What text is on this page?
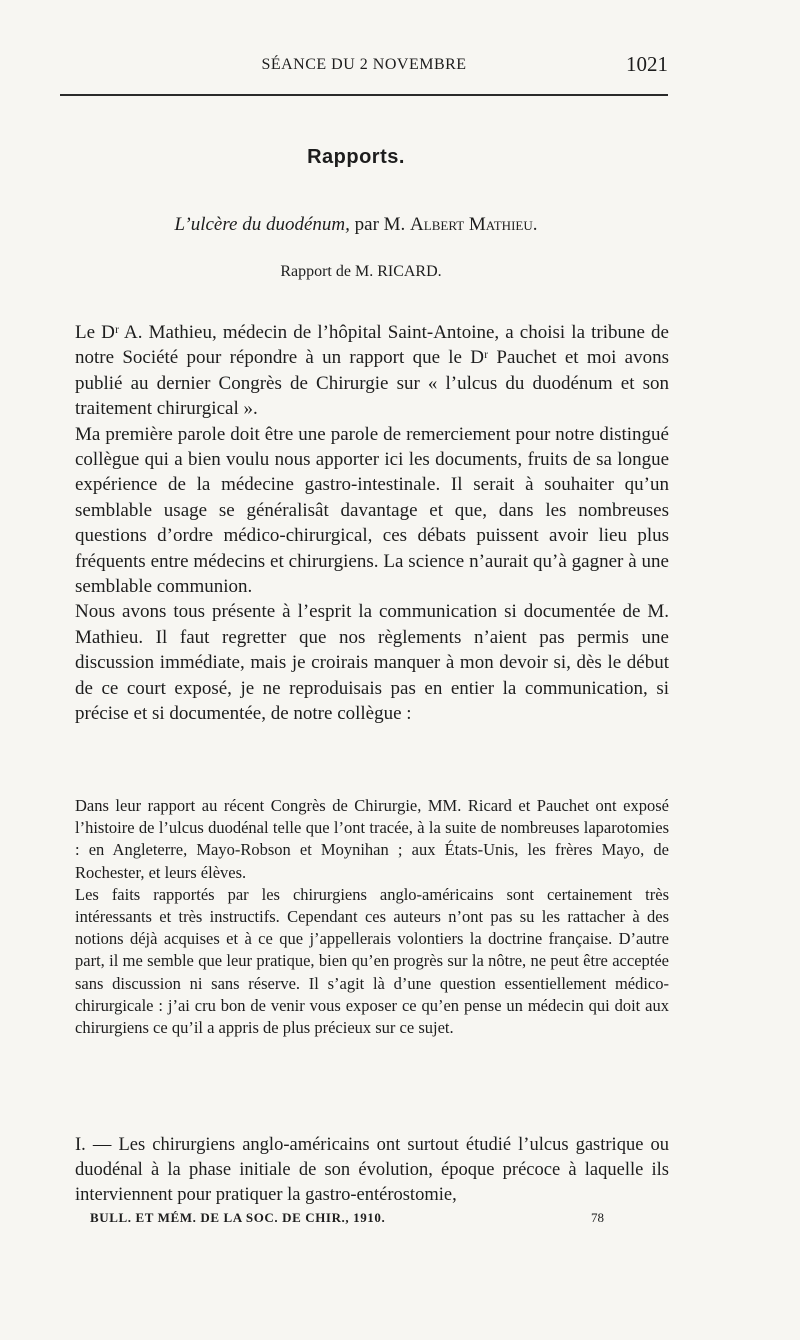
SÉANCE DU 2 NOVEMBRE	1021
Rapports.
L’ulcère du duodénum, par M. Albert Mathieu.
Rapport de M. RICARD.

Le Dʳ A. Mathieu, médecin de l’hôpital Saint-Antoine, a choisi la tribune de notre Société pour répondre à un rapport que le Dʳ Pauchet et moi avons publié au dernier Congrès de Chirurgie sur « l’ulcus du duodénum et son traitement chirurgical ».

Ma première parole doit être une parole de remerciement pour notre distingué collègue qui a bien voulu nous apporter ici les documents, fruits de sa longue expérience de la médecine gastro-intestinale. Il serait à souhaiter qu’un semblable usage se généralisât davantage et que, dans les nombreuses questions d’ordre médico-chirurgical, ces débats puissent avoir lieu plus fréquents entre médecins et chirurgiens. La science n’aurait qu’à gagner à une semblable communion.

Nous avons tous présente à l’esprit la communication si documentée de M. Mathieu. Il faut regretter que nos règlements n’aient pas permis une discussion immédiate, mais je croirais manquer à mon devoir si, dès le début de ce court exposé, je ne reproduisais pas en entier la communication, si précise et si documentée, de notre collègue :

Dans leur rapport au récent Congrès de Chirurgie, MM. Ricard et Pauchet ont exposé l’histoire de l’ulcus duodénal telle que l’ont tracée, à la suite de nombreuses laparotomies : en Angleterre, Mayo-Robson et Moynihan ; aux États-Unis, les frères Mayo, de Rochester, et leurs élèves.

Les faits rapportés par les chirurgiens anglo-américains sont certainement très intéressants et très instructifs. Cependant ces auteurs n’ont pas su les rattacher à des notions déjà acquises et à ce que j’appellerais volontiers la doctrine française. D’autre part, il me semble que leur pratique, bien qu’en progrès sur la nôtre, ne peut être acceptée sans discussion ni sans réserve. Il s’agit là d’une question essentiellement médico-chirurgicale : j’ai cru bon de venir vous exposer ce qu’en pense un médecin qui doit aux chirurgiens ce qu’il a appris de plus précieux sur ce sujet.

I. — Les chirurgiens anglo-américains ont surtout étudié l’ulcus gastrique ou duodénal à la phase initiale de son évolution, époque précoce à laquelle ils interviennent pour pratiquer la gastro-entérostomie,

BULL. ET MÉM. DE LA SOC. DE CHIR., 1910.	78
